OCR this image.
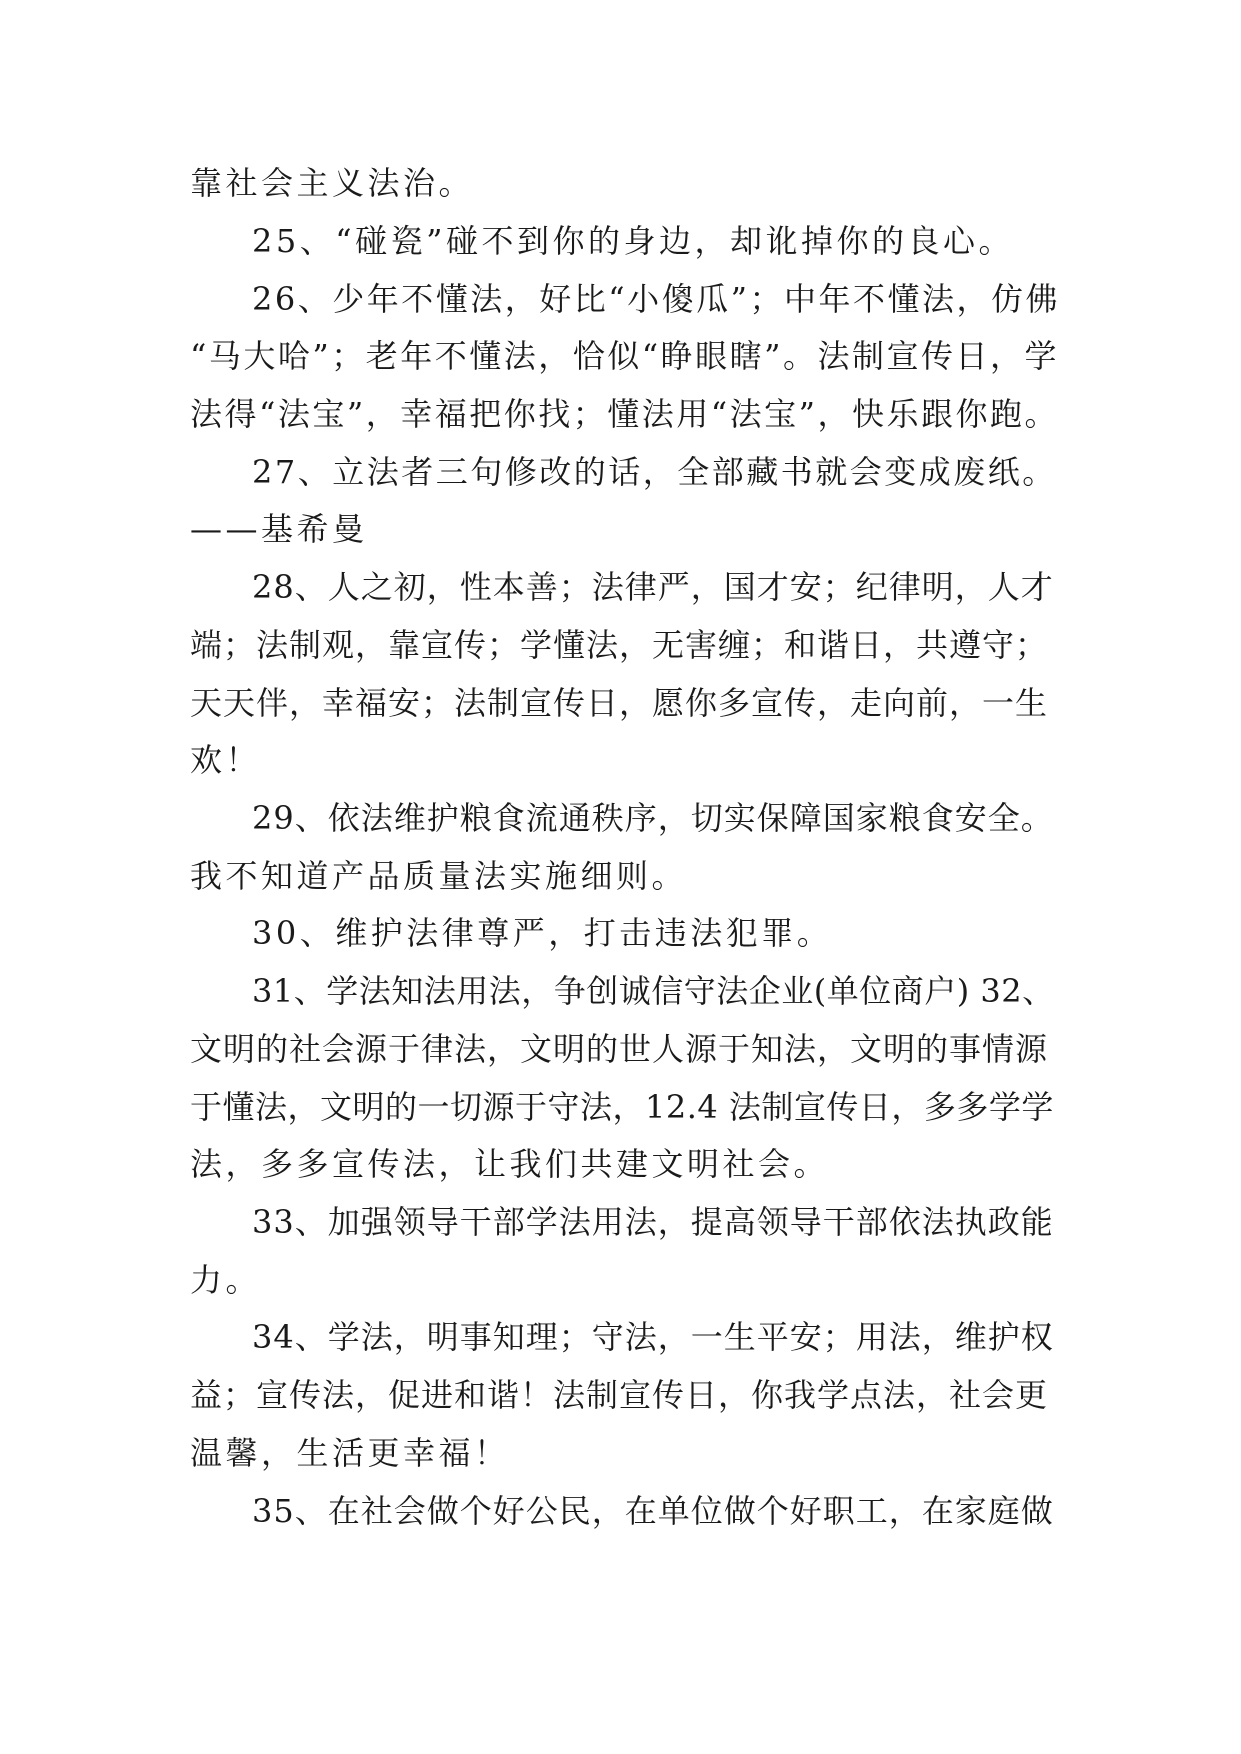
靠社会主义法治。
25、“碰瓷”碰不到你的身边，却讹掉你的良心。
26、少年不懂法，好比“小傻瓜”；中年不懂法，仿佛
“马大哈”；老年不懂法，恰似“睁眼瞎”。法制宣传日，学
法得“法宝”，幸福把你找；懂法用“法宝”，快乐跟你跑。
27、立法者三句修改的话，全部藏书就会变成废纸。
——基希曼
28、人之初，性本善；法律严，国才安；纪律明，人才
端；法制观，靠宣传；学懂法，无害缠；和谐日，共遵守；
天天伴，幸福安；法制宣传日，愿你多宣传，走向前，一生
欢！
29、依法维护粮食流通秩序，切实保障国家粮食安全。
我不知道产品质量法实施细则。
30、维护法律尊严，打击违法犯罪。
31、学法知法用法，争创诚信守法企业(单位商户) 32、
文明的社会源于律法，文明的世人源于知法，文明的事情源
于懂法，文明的一切源于守法，12.4 法制宣传日，多多学学
法，多多宣传法，让我们共建文明社会。
33、加强领导干部学法用法，提高领导干部依法执政能
力。
34、学法，明事知理；守法，一生平安；用法，维护权
益；宣传法，促进和谐！法制宣传日，你我学点法，社会更
温馨，生活更幸福！
35、在社会做个好公民，在单位做个好职工，在家庭做
